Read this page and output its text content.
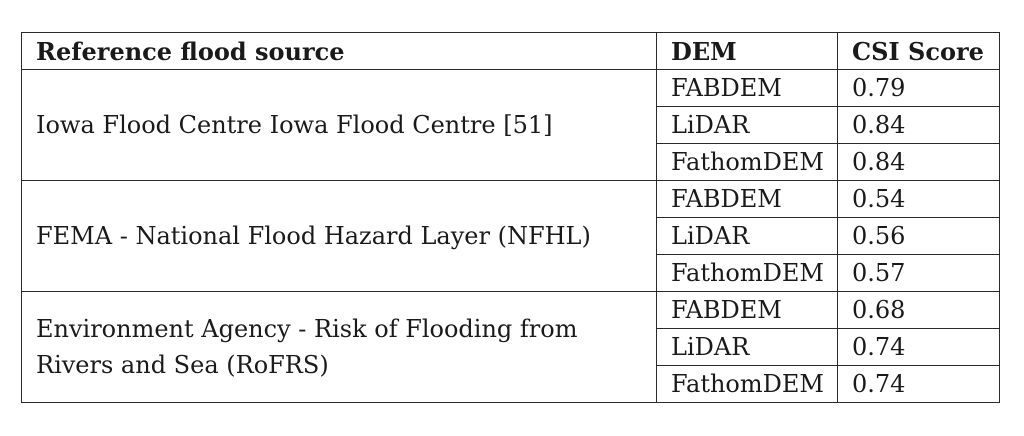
Reference flood source	DEM	CSI Score
Iowa Flood Centre Iowa Flood Centre [51]	FABDEM	0.79
	LiDAR	0.84
	FathomDEM	0.84
FEMA - National Flood Hazard Layer (NFHL)	FABDEM	0.54
	LiDAR	0.56
	FathomDEM	0.57
Environment Agency - Risk of Flooding from Rivers and Sea (RoFRS)	FABDEM	0.68
	LiDAR	0.74
	FathomDEM	0.74
